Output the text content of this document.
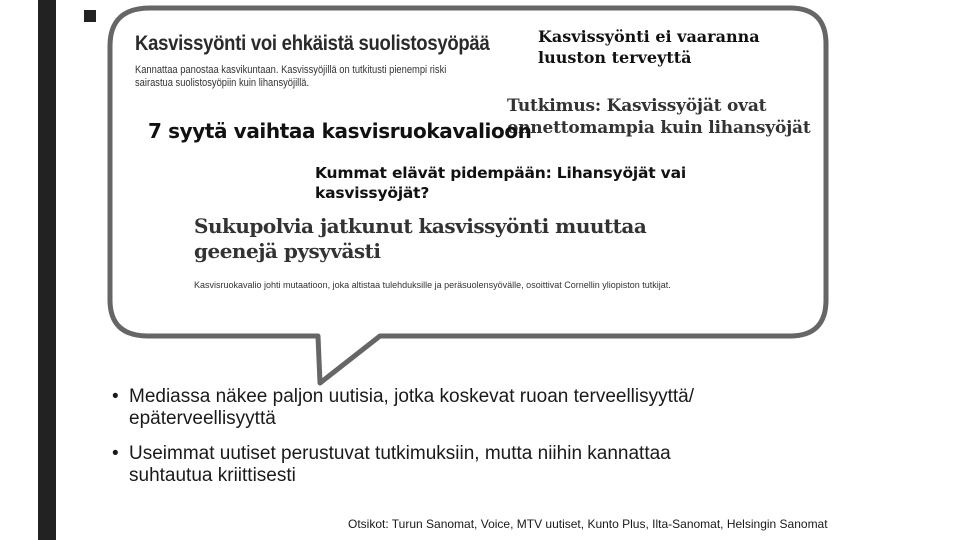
Kasvissyönti voi ehkäistä suolistosyöpää
Kannattaa panostaa kasvikuntaan. Kasvissyöjillä on tutkitusti pienempi riski
sairastua suolistosyöpiin kuin lihansyöjillä.
Kasvissyönti ei vaaranna
luuston terveyttä
Tutkimus: Kasvissyöjät ovat
onnettomampia kuin lihansyöjät
7 syytä vaihtaa kasvisruokavalioon
Kummat elävät pidempään: Lihansyöjät vai
kasvissyöjät?
Sukupolvia jatkunut kasvissyönti muuttaa
geenejä pysyvästi
Kasvisruokavalio johti mutaatioon, joka altistaa tulehduksille ja peräsuolensyövälle, osoittivat Cornellin yliopiston tutkijat.
• Mediassa näkee paljon uutisia, jotka koskevat ruoan terveellisyyttä/
epäterveellisyyttä
• Useimmat uutiset perustuvat tutkimuksiin, mutta niihin kannattaa
suhtautua kriittisesti
Otsikot: Turun Sanomat, Voice, MTV uutiset, Kunto Plus, Ilta-Sanomat, Helsingin Sanomat
